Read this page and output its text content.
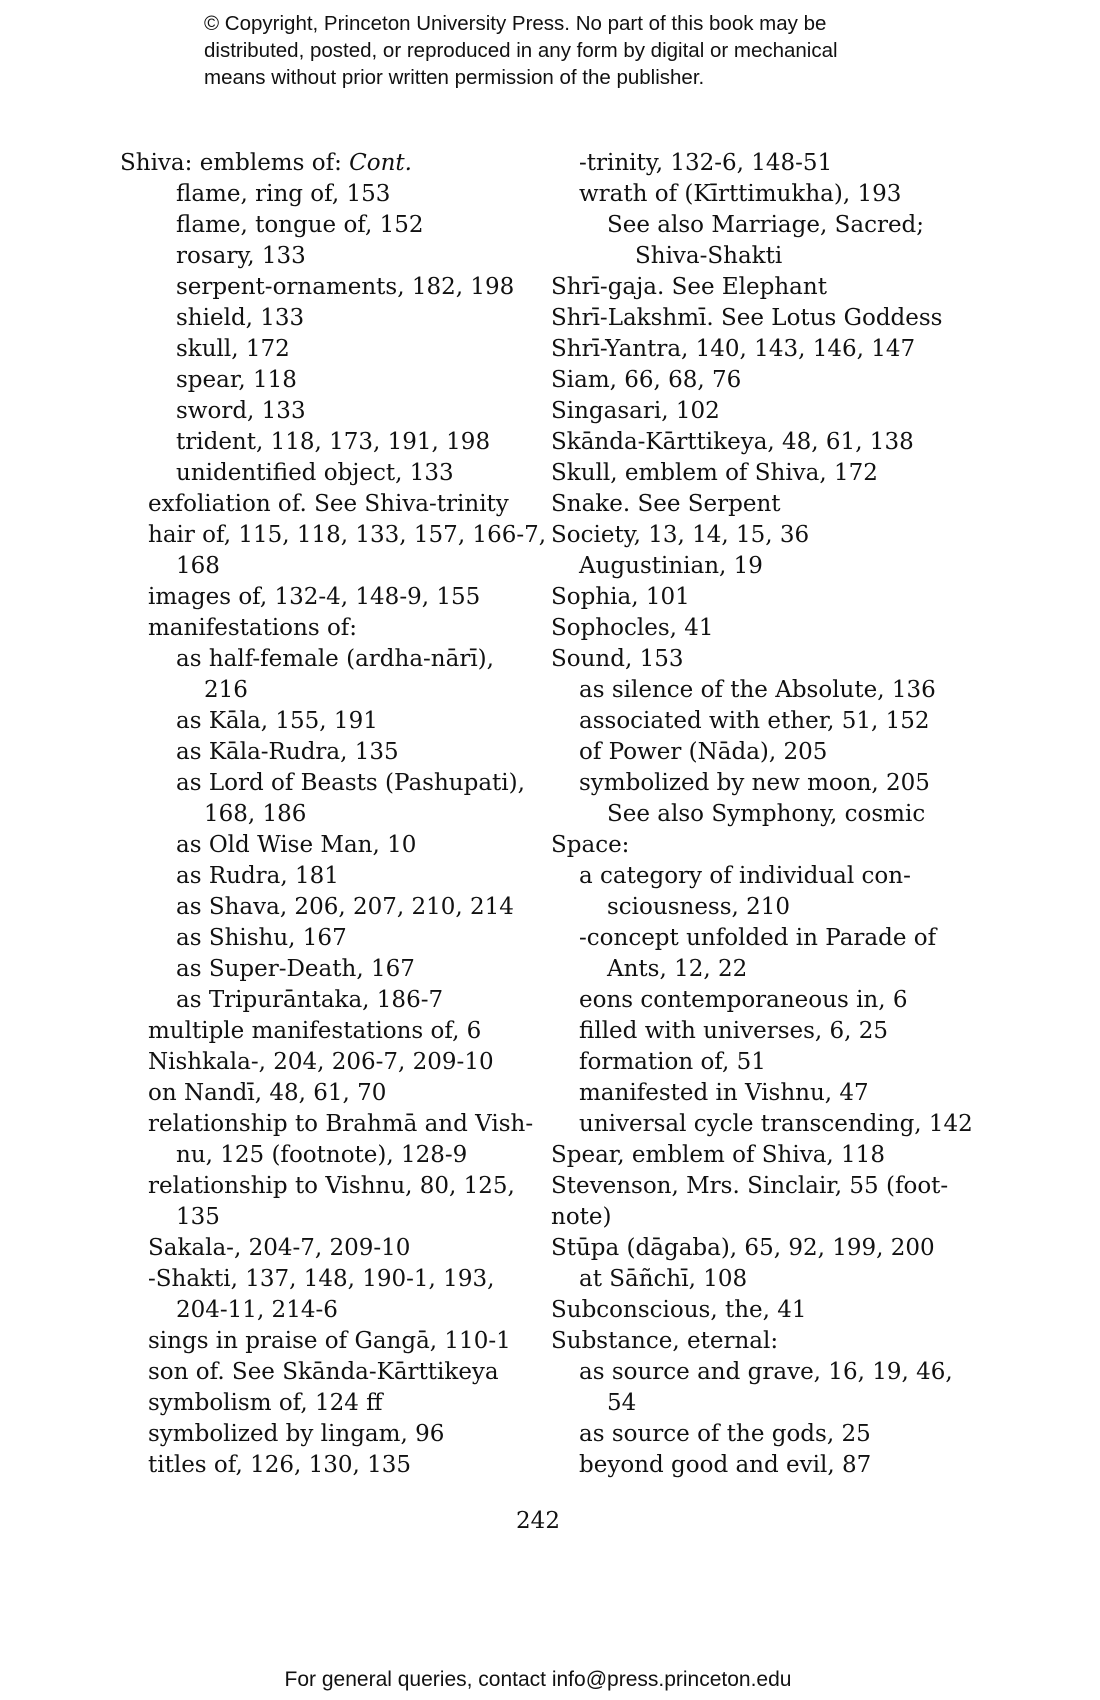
© Copyright, Princeton University Press. No part of this book may be
distributed, posted, or reproduced in any form by digital or mechanical
means without prior written permission of the publisher.
Shiva: emblems of: Cont.
flame, ring of, 153
flame, tongue of, 152
rosary, 133
serpent-ornaments, 182, 198
shield, 133
skull, 172
spear, 118
sword, 133
trident, 118, 173, 191, 198
unidentified object, 133
exfoliation of. See Shiva-trinity
hair of, 115, 118, 133, 157, 166-7,
168
images of, 132-4, 148-9, 155
manifestations of:
as half-female (ardha-nārī),
216
as Kāla, 155, 191
as Kāla-Rudra, 135
as Lord of Beasts (Pashupati),
168, 186
as Old Wise Man, 10
as Rudra, 181
as Shava, 206, 207, 210, 214
as Shishu, 167
as Super-Death, 167
as Tripurāntaka, 186-7
multiple manifestations of, 6
Nishkala-, 204, 206-7, 209-10
on Nandī, 48, 61, 70
relationship to Brahmā and Vish-
nu, 125 (footnote), 128-9
relationship to Vishnu, 80, 125,
135
Sakala-, 204-7, 209-10
-Shakti, 137, 148, 190-1, 193,
204-11, 214-6
sings in praise of Gangā, 110-1
son of. See Skānda-Kārttikeya
symbolism of, 124 ff
symbolized by lingam, 96
titles of, 126, 130, 135
-trinity, 132-6, 148-51
wrath of (Kīrttimukha), 193
See also Marriage, Sacred;
Shiva-Shakti
Shrī-gaja. See Elephant
Shrī-Lakshmī. See Lotus Goddess
Shrī-Yantra, 140, 143, 146, 147
Siam, 66, 68, 76
Singasari, 102
Skānda-Kārttikeya, 48, 61, 138
Skull, emblem of Shiva, 172
Snake. See Serpent
Society, 13, 14, 15, 36
Augustinian, 19
Sophia, 101
Sophocles, 41
Sound, 153
as silence of the Absolute, 136
associated with ether, 51, 152
of Power (Nāda), 205
symbolized by new moon, 205
See also Symphony, cosmic
Space:
a category of individual con-
sciousness, 210
-concept unfolded in Parade of
Ants, 12, 22
eons contemporaneous in, 6
filled with universes, 6, 25
formation of, 51
manifested in Vishnu, 47
universal cycle transcending, 142
Spear, emblem of Shiva, 118
Stevenson, Mrs. Sinclair, 55 (foot-
note)
Stūpa (dāgaba), 65, 92, 199, 200
at Sāñchī, 108
Subconscious, the, 41
Substance, eternal:
as source and grave, 16, 19, 46,
54
as source of the gods, 25
beyond good and evil, 87
242
For general queries, contact info@press.princeton.edu
